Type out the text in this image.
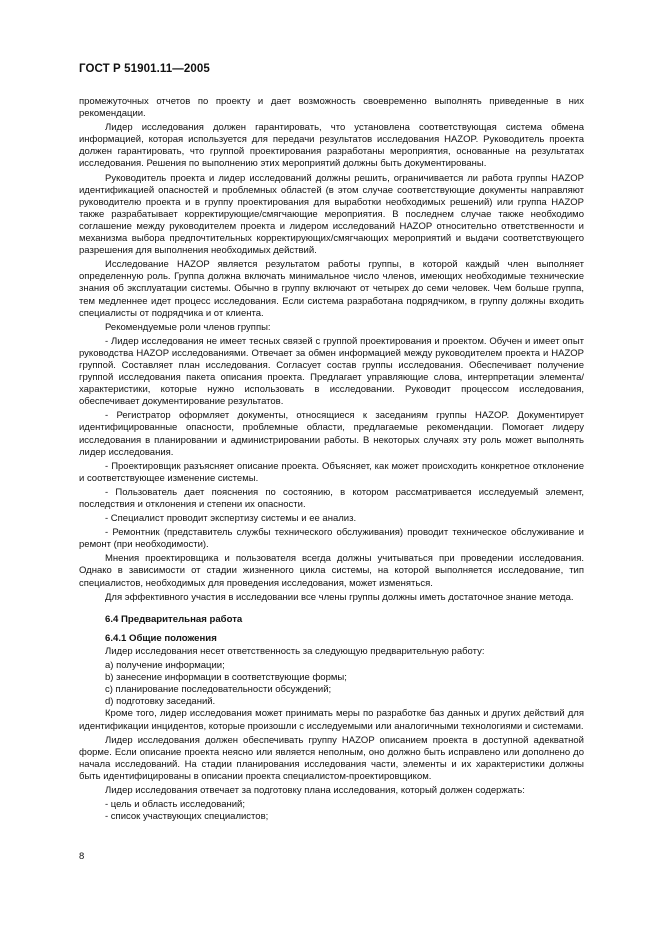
ГОСТ Р 51901.11—2005

промежуточных отчетов по проекту и дает возможность своевременно выполнять приведенные в них рекомендации.

Лидер исследования должен гарантировать, что установлена соответствующая система обмена информацией, которая используется для передачи результатов исследования HAZOP. Руководитель проекта должен гарантировать, что группой проектирования разработаны мероприятия, основанные на результатах исследования. Решения по выполнению этих мероприятий должны быть документированы.

Руководитель проекта и лидер исследований должны решить, ограничивается ли работа группы HAZOP идентификацией опасностей и проблемных областей (в этом случае соответствующие документы направляют руководителю проекта и в группу проектирования для выработки необходимых решений) или группа HAZOP также разрабатывает корректирующие/смягчающие мероприятия. В последнем случае также необходимо соглашение между руководителем проекта и лидером исследований HAZOP относительно ответственности и механизма выбора предпочтительных корректирующих/смягчающих мероприятий и выдачи соответствующего разрешения для выполнения необходимых действий.

Исследование HAZOP является результатом работы группы, в которой каждый член выполняет определенную роль. Группа должна включать минимальное число членов, имеющих необходимые технические знания об эксплуатации системы. Обычно в группу включают от четырех до семи человек. Чем больше группа, тем медленнее идет процесс исследования. Если система разработана подрядчиком, в группу должны входить специалисты от подрядчика и от клиента.

Рекомендуемые роли членов группы:

- Лидер исследования не имеет тесных связей с группой проектирования и проектом. Обучен и имеет опыт руководства HAZOP исследованиями. Отвечает за обмен информацией между руководителем проекта и HAZOP группой. Составляет план исследования. Согласует состав группы исследования. Обеспечивает получение группой исследования пакета описания проекта. Предлагает управляющие слова, интерпретации элемента/характеристики, которые нужно использовать в исследовании. Руководит процессом исследования, обеспечивает документирование результатов.

- Регистратор оформляет документы, относящиеся к заседаниям группы HAZOP. Документирует идентифицированные опасности, проблемные области, предлагаемые рекомендации. Помогает лидеру исследования в планировании и администрировании работы. В некоторых случаях эту роль может выполнять лидер исследования.

- Проектировщик разъясняет описание проекта. Объясняет, как может происходить конкретное отклонение и соответствующее изменение системы.

- Пользователь дает пояснения по состоянию, в котором рассматривается исследуемый элемент, последствия и отклонения и степени их опасности.

- Специалист проводит экспертизу системы и ее анализ.

- Ремонтник (представитель службы технического обслуживания) проводит техническое обслуживание и ремонт (при необходимости).

Мнения проектировщика и пользователя всегда должны учитываться при проведении исследования. Однако в зависимости от стадии жизненного цикла системы, на которой выполняется исследование, тип специалистов, необходимых для проведения исследования, может изменяться.

Для эффективного участия в исследовании все члены группы должны иметь достаточное знание метода.

6.4 Предварительная работа
6.4.1 Общие положения

Лидер исследования несет ответственность за следующую предварительную работу:

a) получение информации;

b) занесение информации в соответствующие формы;

c) планирование последовательности обсуждений;

d) подготовку заседаний.

Кроме того, лидер исследования может принимать меры по разработке баз данных и других действий для идентификации инцидентов, которые произошли с исследуемыми или аналогичными технологиями и системами.

Лидер исследования должен обеспечивать группу HAZOP описанием проекта в доступной адекватной форме. Если описание проекта неясно или является неполным, оно должно быть исправлено или дополнено до начала исследований. На стадии планирования исследования части, элементы и их характеристики должны быть идентифицированы в описании проекта специалистом-проектировщиком.

Лидер исследования отвечает за подготовку плана исследования, который должен содержать:

- цель и область исследований;

- список участвующих специалистов;

8
